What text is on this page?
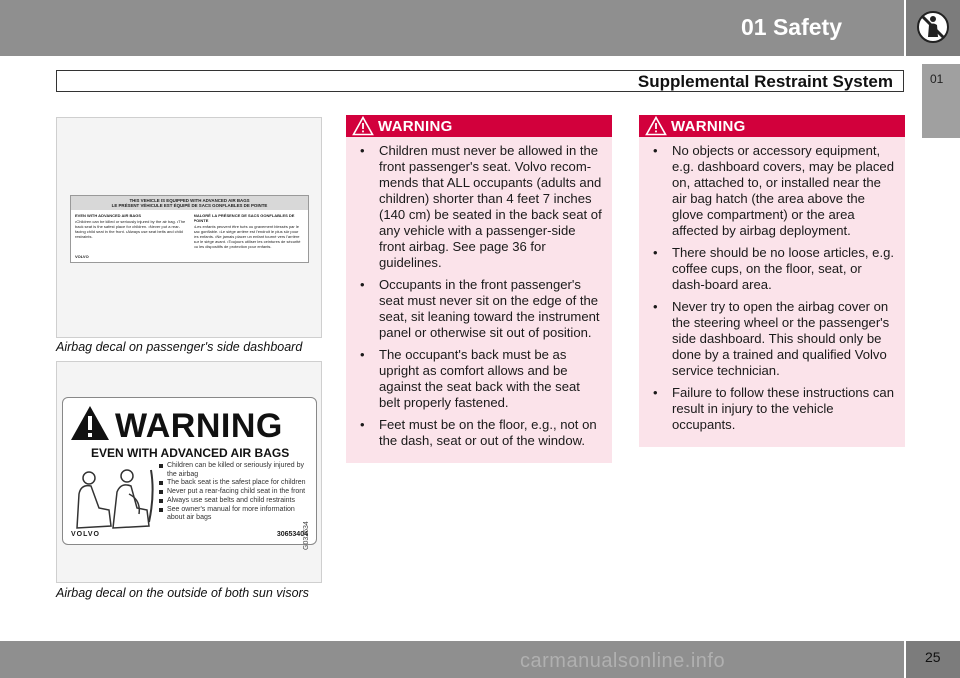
01 Safety
01
Supplemental Restraint System
THIS VEHICLE IS EQUIPPED WITH ADVANCED AIR BAGS
LE PRÉSENT VÉHICULE EST ÉQUIPÉ DE SACS GONFLABLES DE POINTE
EVEN WITH ADVANCED AIR BAGS
•Children can be killed or seriously injured by the air bag. •The back seat is the safest place for children. •Never put a rear-facing child seat in the front. •Always use seat belts and child restraints.
MALGRÉ LA PRÉSENCE DE SACS GONFLABLES DE POINTE
•Les enfants peuvent être tués ou gravement blessés par le sac gonflable. •Le siège arrière est l'endroit le plus sûr pour les enfants. •Ne jamais placer un enfant tourné vers l'arrière sur le siège avant. •Toujours utiliser les ceintures de sécurité ou les dispositifs de protection pour enfants.
VOLVO
Airbag decal on passenger's side dashboard
WARNING
EVEN WITH ADVANCED AIR BAGS
Children can be killed or seriously injured by the airbag
The back seat is the safest place for children
Never put a rear-facing child seat in the front
Always use seat belts and child restraints
See owner's manual for more information about air bags
VOLVO	30653404
G032634
Airbag decal on the outside of both sun visors
WARNING
• Children must never be allowed in the front passenger's seat. Volvo recom-mends that ALL occupants (adults and children) shorter than 4 feet 7 inches (140 cm) be seated in the back seat of any vehicle with a passenger-side front airbag. See page 36 for guidelines.
• Occupants in the front passenger's seat must never sit on the edge of the seat, sit leaning toward the instrument panel or otherwise sit out of position.
• The occupant's back must be as upright as comfort allows and be against the seat back with the seat belt properly fastened.
• Feet must be on the floor, e.g., not on the dash, seat or out of the window.
WARNING
• No objects or accessory equipment, e.g. dashboard covers, may be placed on, attached to, or installed near the air bag hatch (the area above the glove compartment) or the area affected by airbag deployment.
• There should be no loose articles, e.g. coffee cups, on the floor, seat, or dash-board area.
• Never try to open the airbag cover on the steering wheel or the passenger's side dashboard. This should only be done by a trained and qualified Volvo service technician.
• Failure to follow these instructions can result in injury to the vehicle occupants.
25
carmanualsonline.info
